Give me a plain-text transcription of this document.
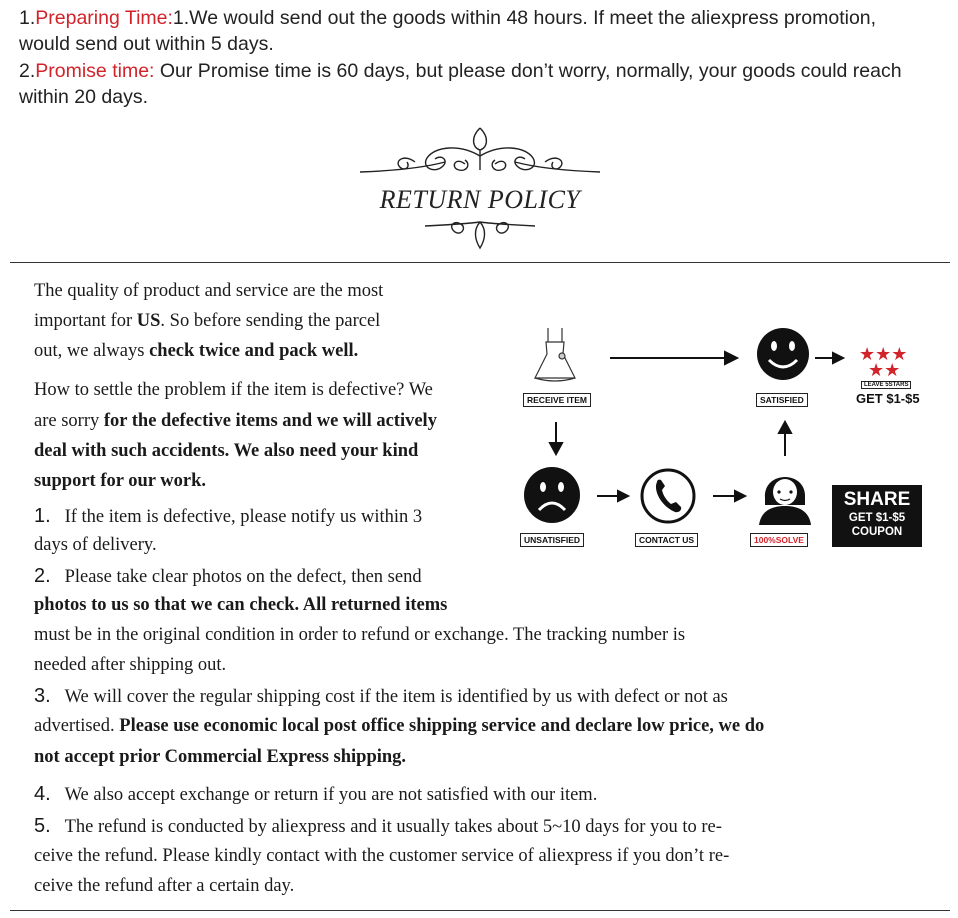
1.Preparing Time:1.We would send out the goods within 48 hours. If meet the aliexpress promotion,
would send out within 5 days.

2.Promise time: Our Promise time is 60 days, but please don’t worry, normally, your goods could reach
within 20 days.

RETURN POLICY
The quality of product and service are the most
important for US. So before sending the parcel
out, we always check twice and pack well.
How to settle the problem if the item is defective? We
are sorry for the defective items and we will actively
deal with such accidents. We also need your kind
support for our work.
1. If the item is defective, please notify us within 3
days of delivery.
2. Please take clear photos on the defect, then send
photos to us so that we can check. All returned items
must be in the original condition in order to refund or exchange. The tracking number is
needed after shipping out.
3. We will cover the regular shipping cost if the item is identified by us with defect or not as
advertised. Please use economic local post office shipping service and declare low price, we do
not accept prior Commercial Express shipping.
4. We also accept exchange or return if you are not satisfied with our item.
5. The refund is conducted by aliexpress and it usually takes about 5~10 days for you to re-
ceive the refund. Please kindly contact with the customer service of aliexpress if you don’t re-
ceive the refund after a certain day.
★★★
★★
RECEIVE ITEM	SATISFIED
LEAVE 5STARS
GET $1-$5
UNSATISFIED	CONTACT US	100%SOLVE
SHARE
GET $1-$5
COUPON
